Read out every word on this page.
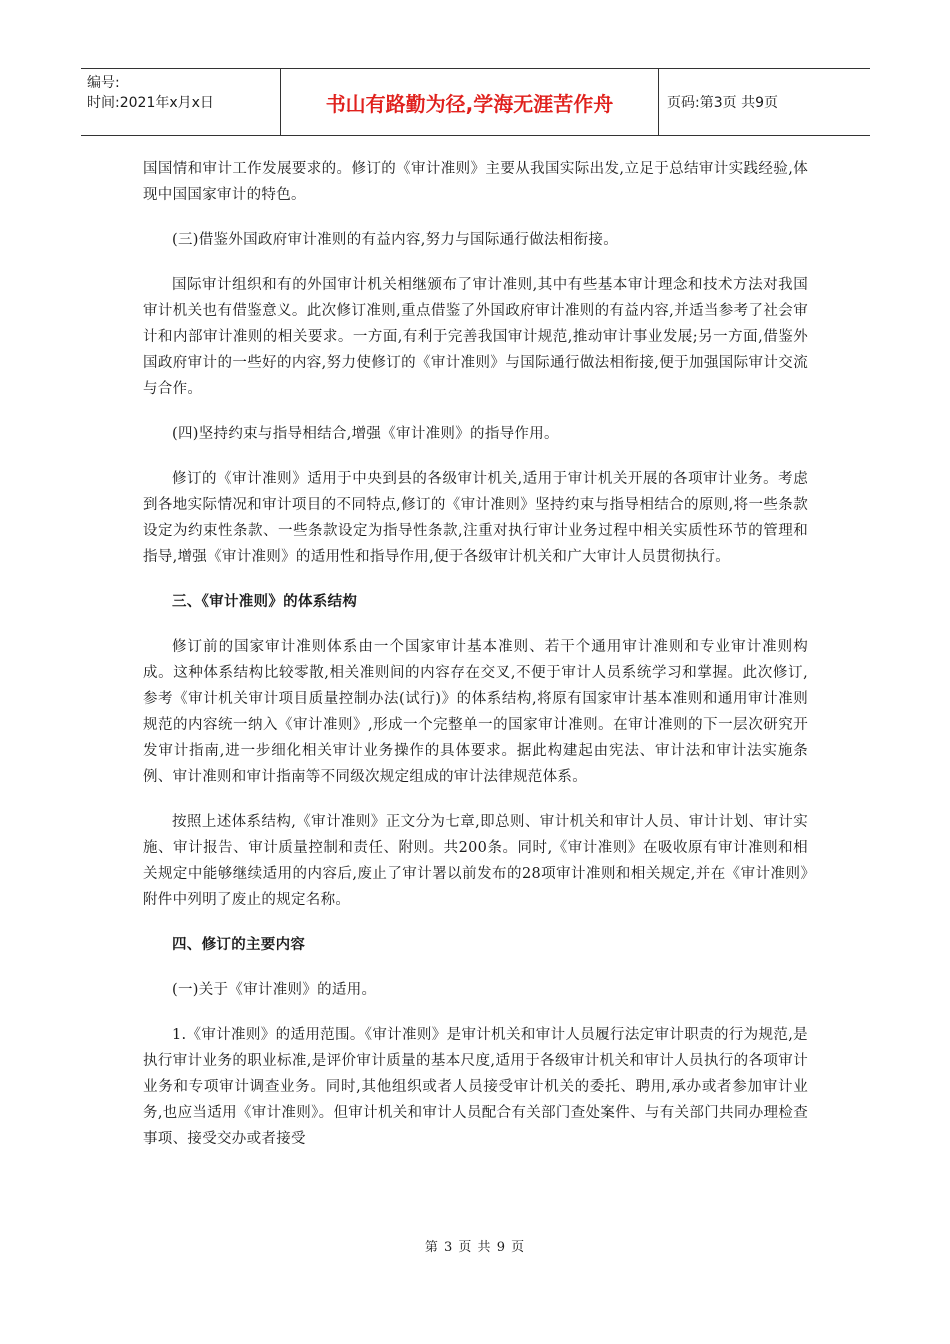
编号:
时间:2021年x月x日	书山有路勤为径,学海无涯苦作舟	页码:第3页 共9页

国国情和审计工作发展要求的。修订的《审计准则》主要从我国实际出发,立足于总结审计实践经验,体现中国国家审计的特色。

(三)借鉴外国政府审计准则的有益内容,努力与国际通行做法相衔接。

国际审计组织和有的外国审计机关相继颁布了审计准则,其中有些基本审计理念和技术方法对我国审计机关也有借鉴意义。此次修订准则,重点借鉴了外国政府审计准则的有益内容,并适当参考了社会审计和内部审计准则的相关要求。一方面,有利于完善我国审计规范,推动审计事业发展;另一方面,借鉴外国政府审计的一些好的内容,努力使修订的《审计准则》与国际通行做法相衔接,便于加强国际审计交流与合作。

(四)坚持约束与指导相结合,增强《审计准则》的指导作用。

修订的《审计准则》适用于中央到县的各级审计机关,适用于审计机关开展的各项审计业务。考虑到各地实际情况和审计项目的不同特点,修订的《审计准则》坚持约束与指导相结合的原则,将一些条款设定为约束性条款、一些条款设定为指导性条款,注重对执行审计业务过程中相关实质性环节的管理和指导,增强《审计准则》的适用性和指导作用,便于各级审计机关和广大审计人员贯彻执行。

三、《审计准则》的体系结构

修订前的国家审计准则体系由一个国家审计基本准则、若干个通用审计准则和专业审计准则构成。这种体系结构比较零散,相关准则间的内容存在交叉,不便于审计人员系统学习和掌握。此次修订,参考《审计机关审计项目质量控制办法(试行)》的体系结构,将原有国家审计基本准则和通用审计准则规范的内容统一纳入《审计准则》,形成一个完整单一的国家审计准则。在审计准则的下一层次研究开发审计指南,进一步细化相关审计业务操作的具体要求。据此构建起由宪法、审计法和审计法实施条例、审计准则和审计指南等不同级次规定组成的审计法律规范体系。

按照上述体系结构,《审计准则》正文分为七章,即总则、审计机关和审计人员、审计计划、审计实施、审计报告、审计质量控制和责任、附则。共200条。同时,《审计准则》在吸收原有审计准则和相关规定中能够继续适用的内容后,废止了审计署以前发布的28项审计准则和相关规定,并在《审计准则》附件中列明了废止的规定名称。

四、修订的主要内容

(一)关于《审计准则》的适用。

1.《审计准则》的适用范围。《审计准则》是审计机关和审计人员履行法定审计职责的行为规范,是执行审计业务的职业标准,是评价审计质量的基本尺度,适用于各级审计机关和审计人员执行的各项审计业务和专项审计调查业务。同时,其他组织或者人员接受审计机关的委托、聘用,承办或者参加审计业务,也应当适用《审计准则》。但审计机关和审计人员配合有关部门查处案件、与有关部门共同办理检查事项、接受交办或者接受

第 3 页 共 9 页
